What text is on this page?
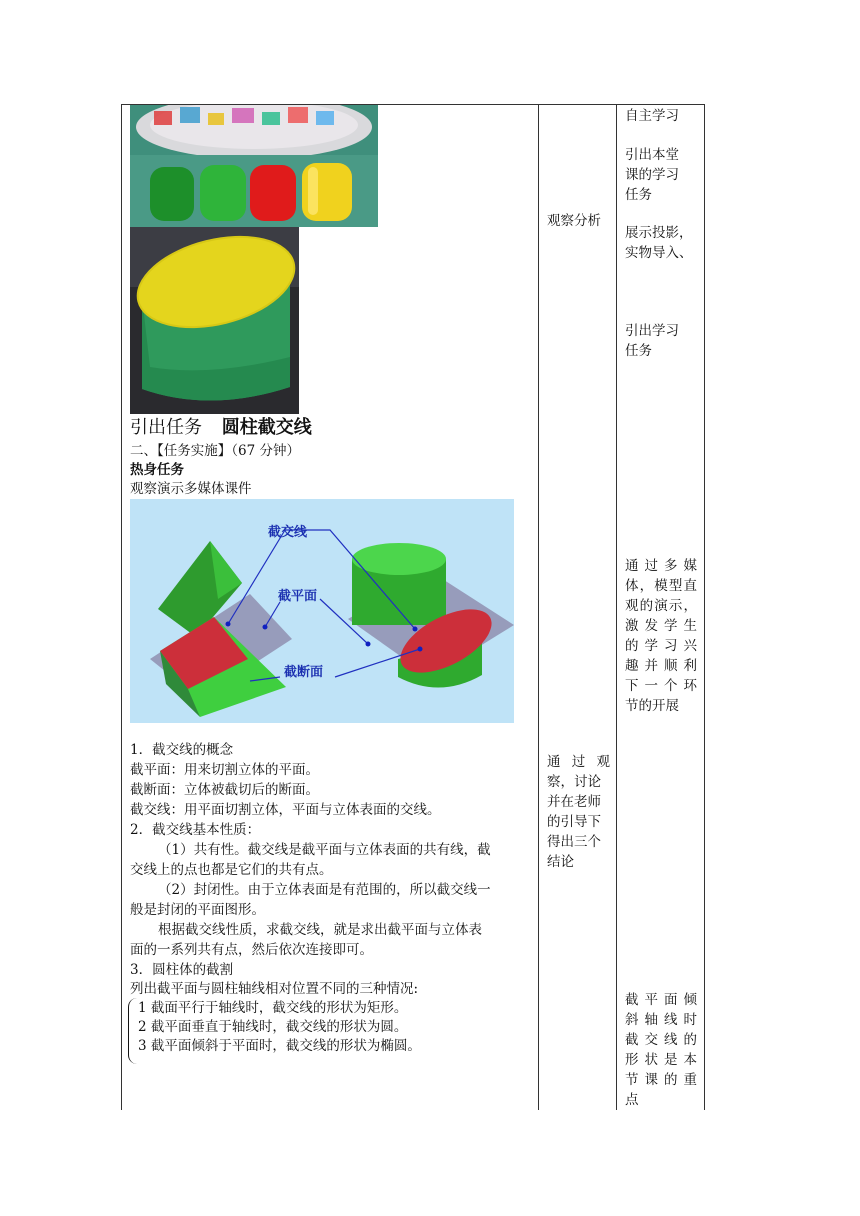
引出任务 圆柱截交线
二、【任务实施】（67 分钟）
热身任务
观察演示多媒体课件
截交线
截平面
截断面
1．截交线的概念
截平面：用来切割立体的平面。
截断面：立体被截切后的断面。
截交线：用平面切割立体，平面与立体表面的交线。
2．截交线基本性质：
（1）共有性。截交线是截平面与立体表面的共有线，截
交线上的点也都是它们的共有点。
（2）封闭性。由于立体表面是有范围的，所以截交线一
般是封闭的平面图形。
根据截交线性质，求截交线，就是求出截平面与立体表
面的一系列共有点，然后依次连接即可。
3．圆柱体的截割
列出截平面与圆柱轴线相对位置不同的三种情况:
1 截面平行于轴线时，截交线的形状为矩形。
2 截平面垂直于轴线时，截交线的形状为圆。
3 截平面倾斜于平面时，截交线的形状为椭圆。
观察分析
通 过 观
察，讨论
并在老师
的引导下
得出三个
结论
自主学习
引出本堂
课的学习
任务
展示投影，
实物导入、
引出学习
任务
通过多媒
体，模型直
观的演示，
激发学生
的学习兴
趣并顺利
下一个环
节的开展
截平面倾
斜轴线时
截交线的
形状是本
节课的重
点
